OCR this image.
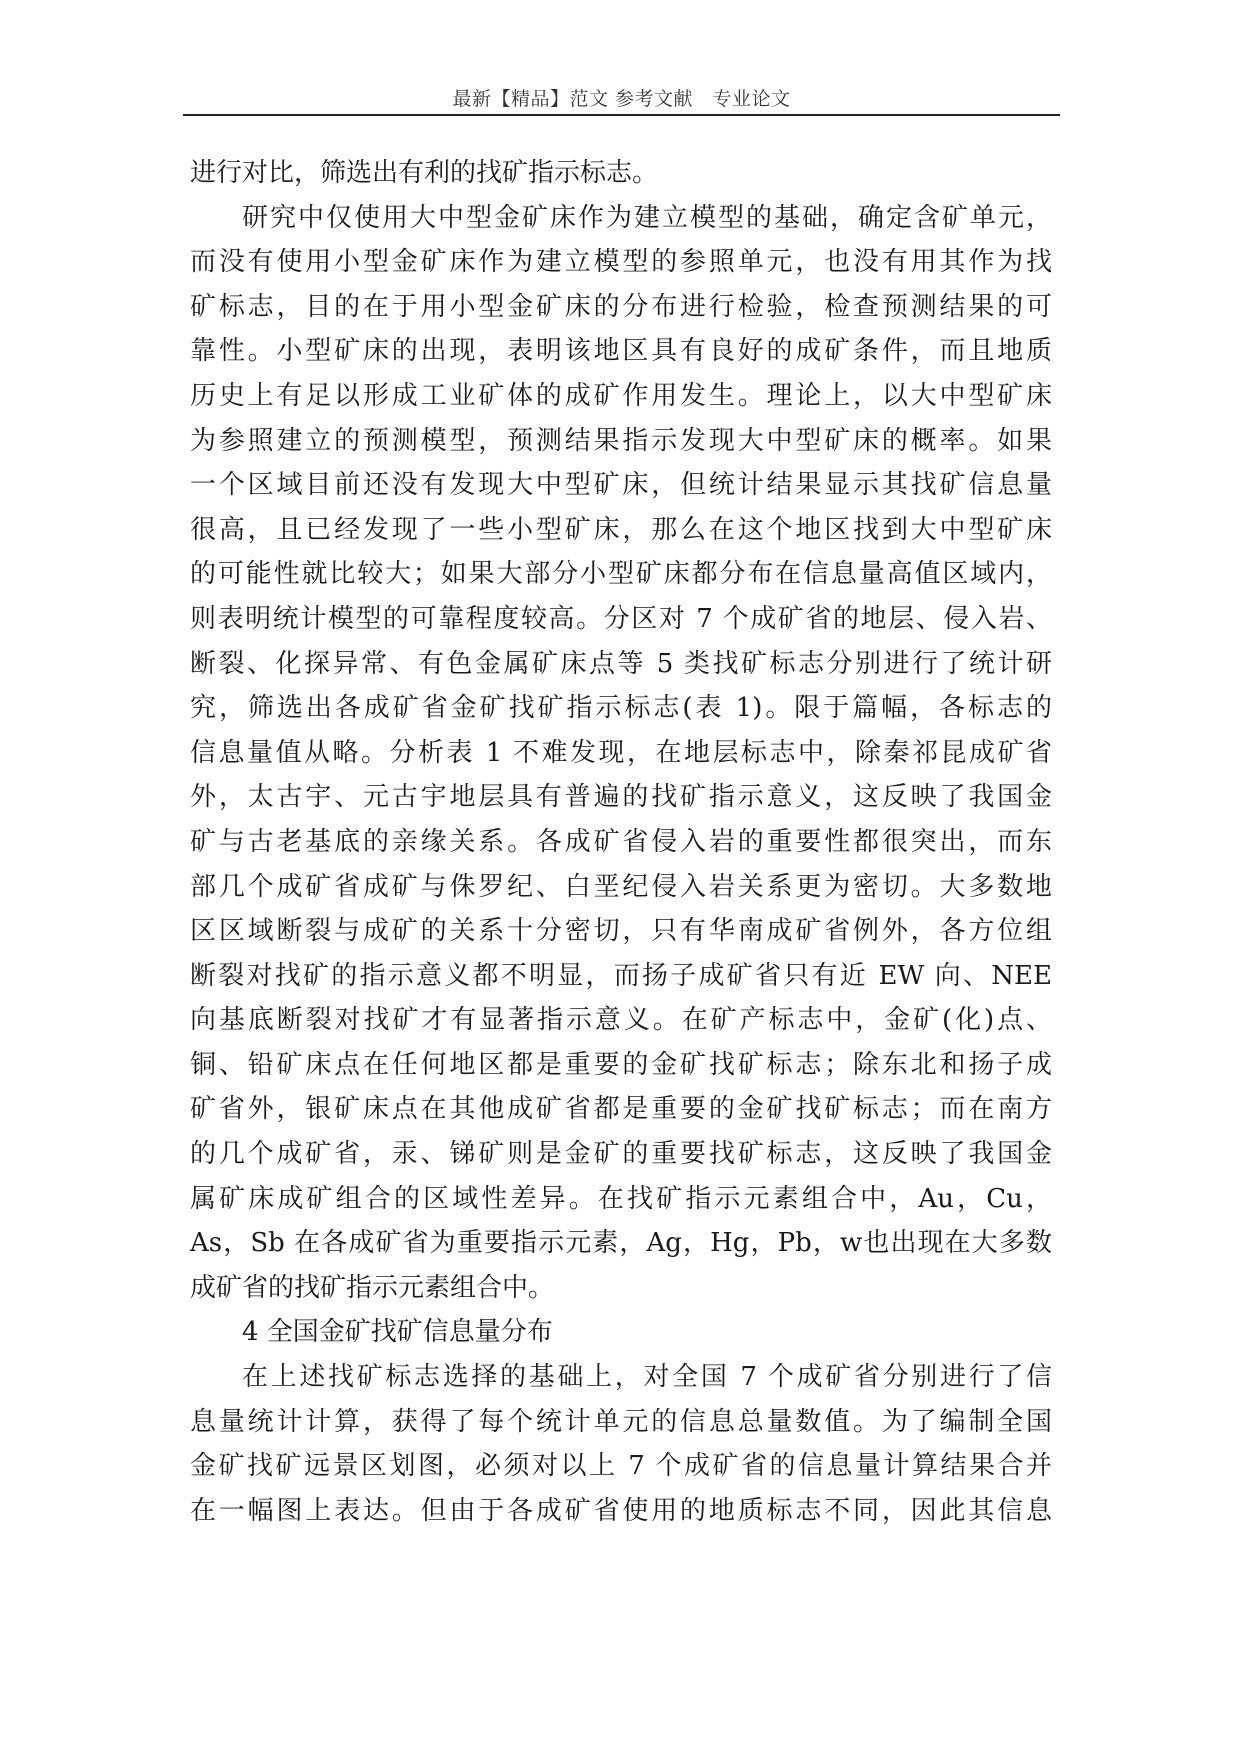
最新【精品】范文 参考文献　专业论文
进行对比，筛选出有利的找矿指示标志。
研究中仅使用大中型金矿床作为建立模型的基础，确定含矿单元，
而没有使用小型金矿床作为建立模型的参照单元，也没有用其作为找
矿标志，目的在于用小型金矿床的分布进行检验，检查预测结果的可
靠性。小型矿床的出现，表明该地区具有良好的成矿条件，而且地质
历史上有足以形成工业矿体的成矿作用发生。理论上，以大中型矿床
为参照建立的预测模型，预测结果指示发现大中型矿床的概率。如果
一个区域目前还没有发现大中型矿床，但统计结果显示其找矿信息量
很高，且已经发现了一些小型矿床，那么在这个地区找到大中型矿床
的可能性就比较大；如果大部分小型矿床都分布在信息量高值区域内，
则表明统计模型的可靠程度较高。分区对 7 个成矿省的地层、侵入岩、
断裂、化探异常、有色金属矿床点等 5 类找矿标志分别进行了统计研
究，筛选出各成矿省金矿找矿指示标志(表 1)。限于篇幅，各标志的
信息量值从略。分析表 1 不难发现，在地层标志中，除秦祁昆成矿省
外，太古宇、元古宇地层具有普遍的找矿指示意义，这反映了我国金
矿与古老基底的亲缘关系。各成矿省侵入岩的重要性都很突出，而东
部几个成矿省成矿与侏罗纪、白垩纪侵入岩关系更为密切。大多数地
区区域断裂与成矿的关系十分密切，只有华南成矿省例外，各方位组
断裂对找矿的指示意义都不明显，而扬子成矿省只有近 EW 向、NEE
向基底断裂对找矿才有显著指示意义。在矿产标志中，金矿(化)点、
铜、铅矿床点在任何地区都是重要的金矿找矿标志；除东北和扬子成
矿省外，银矿床点在其他成矿省都是重要的金矿找矿标志；而在南方
的几个成矿省，汞、锑矿则是金矿的重要找矿标志，这反映了我国金
属矿床成矿组合的区域性差异。在找矿指示元素组合中，Au，Cu，
As，Sb 在各成矿省为重要指示元素，Ag，Hg，Pb，w也出现在大多数
成矿省的找矿指示元素组合中。
4 全国金矿找矿信息量分布
在上述找矿标志选择的基础上，对全国 7 个成矿省分别进行了信
息量统计计算，获得了每个统计单元的信息总量数值。为了编制全国
金矿找矿远景区划图，必须对以上 7 个成矿省的信息量计算结果合并
在一幅图上表达。但由于各成矿省使用的地质标志不同，因此其信息
